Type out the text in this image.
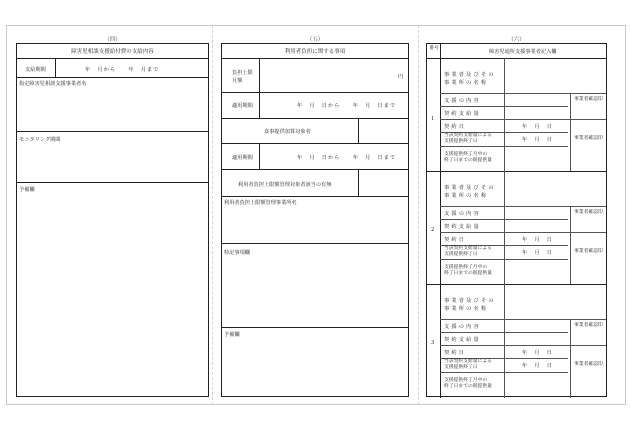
（四）
障害児相談支援給付費の支給内容
支給期間	年　月から　　年　月まで
指定障害児相談支援事業者名
モニタリング期間
予備欄
（五）
利用者負担に関する事項
負担上限
月額
円
適用期間	年　月　日から　　年　月　日まで
食事提供加算対象者
適用期間	年　月　日から　　年　月　日まで
利用者負担上限額管理対象者該当の有無
利用者負担上限額管理事業所名
特記事項欄
予備欄
（六）
番号
障害児通所支援事業者記入欄
1
事業者及びその
事業所の名称
支援の内容	事業者確認印
契約支給量
契約日	年　月　日
事業者確認印
当該契約支給量による
支援提供終了日	年　月　日
支援提供終了月中の
終了日までの既提供量
2
事業者及びその
事業所の名称
支援の内容	事業者確認印
契約支給量
契約日	年　月　日
事業者確認印
当該契約支給量による
支援提供終了日	年　月　日
支援提供終了月中の
終了日までの既提供量
3
事業者及びその
事業所の名称
支援の内容	事業者確認印
契約支給量
契約日	年　月　日
事業者確認印
当該契約支給量による
支援提供終了日	年　月　日
支援提供終了月中の
終了日までの既提供量
